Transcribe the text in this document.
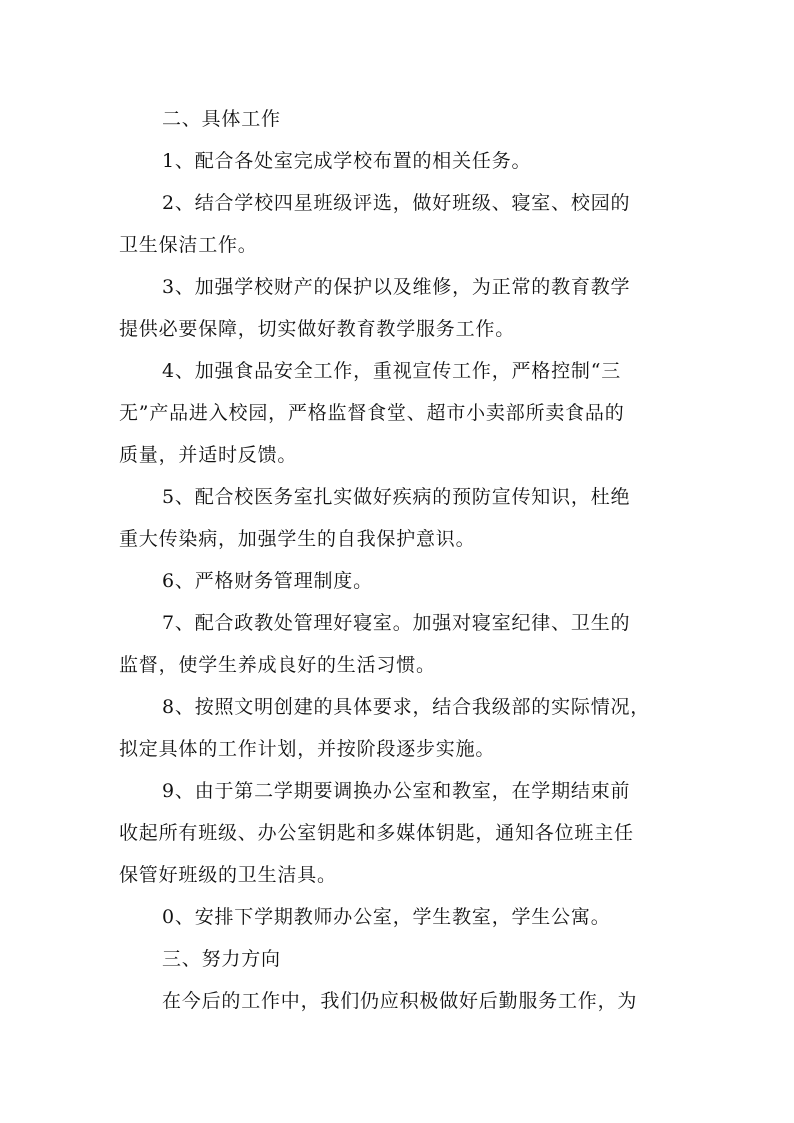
二、具体工作
1、配合各处室完成学校布置的相关任务。
2、结合学校四星班级评选，做好班级、寝室、校园的
卫生保洁工作。
3、加强学校财产的保护以及维修，为正常的教育教学
提供必要保障，切实做好教育教学服务工作。
4、加强食品安全工作，重视宣传工作，严格控制“三
无”产品进入校园，严格监督食堂、超市小卖部所卖食品的
质量，并适时反馈。
5、配合校医务室扎实做好疾病的预防宣传知识，杜绝
重大传染病，加强学生的自我保护意识。
6、严格财务管理制度。
7、配合政教处管理好寝室。加强对寝室纪律、卫生的
监督，使学生养成良好的生活习惯。
8、按照文明创建的具体要求，结合我级部的实际情况，
拟定具体的工作计划，并按阶段逐步实施。
9、由于第二学期要调换办公室和教室，在学期结束前
收起所有班级、办公室钥匙和多媒体钥匙，通知各位班主任
保管好班级的卫生洁具。
0、安排下学期教师办公室，学生教室，学生公寓。
三、努力方向
在今后的工作中，我们仍应积极做好后勤服务工作，为
